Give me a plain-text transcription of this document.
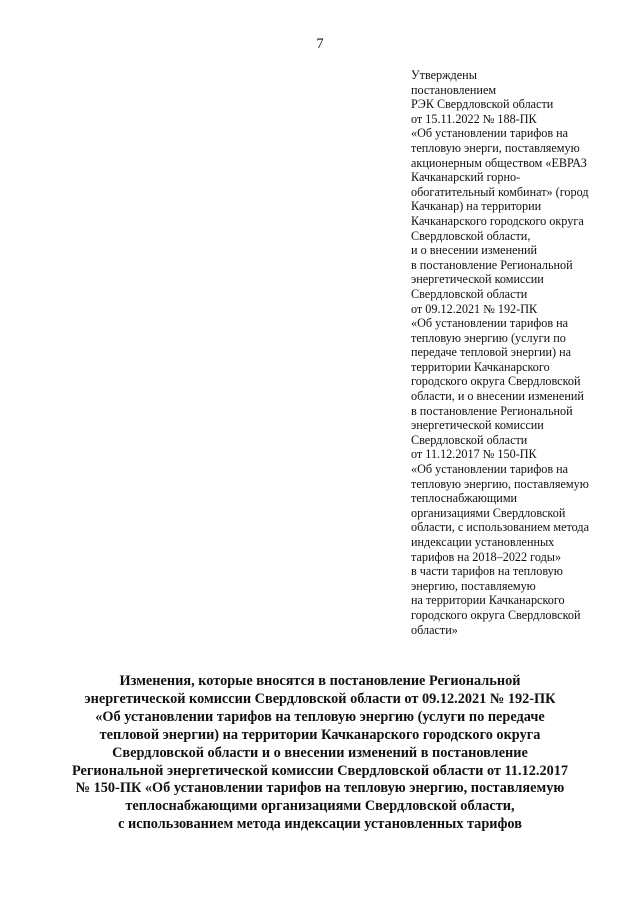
7
Утверждены
постановлением
РЭК Свердловской области
от 15.11.2022 № 188-ПК
«Об установлении тарифов на
тепловую энерги, поставляемую
акционерным обществом «ЕВРАЗ
Качканарский горно-
обогатительный комбинат» (город
Качканар) на территории
Качканарского городского округа
Свердловской области,
и о внесении изменений
в постановление Региональной
энергетической комиссии
Свердловской области
от 09.12.2021 № 192-ПК
«Об установлении тарифов на
тепловую энергию (услуги по
передаче тепловой энергии) на
территории Качканарского
городского округа Свердловской
области, и о внесении изменений
в постановление Региональной
энергетической комиссии
Свердловской области
от 11.12.2017 № 150-ПК
«Об установлении тарифов на
тепловую энергию, поставляемую
теплоснабжающими
организациями Свердловской
области, с использованием метода
индексации установленных
тарифов на 2018–2022 годы»
в части тарифов на тепловую
энергию, поставляемую
на территории Качканарского
городского округа Свердловской
области»
Изменения, которые вносятся в постановление Региональной
энергетической комиссии Свердловской области от 09.12.2021 № 192-ПК
«Об установлении тарифов на тепловую энергию (услуги по передаче
тепловой энергии) на территории Качканарского городского округа
Свердловской области и о внесении изменений в постановление
Региональной энергетической комиссии Свердловской области от 11.12.2017
№ 150-ПК «Об установлении тарифов на тепловую энергию, поставляемую
теплоснабжающими организациями Свердловской области,
с использованием метода индексации установленных тарифов
